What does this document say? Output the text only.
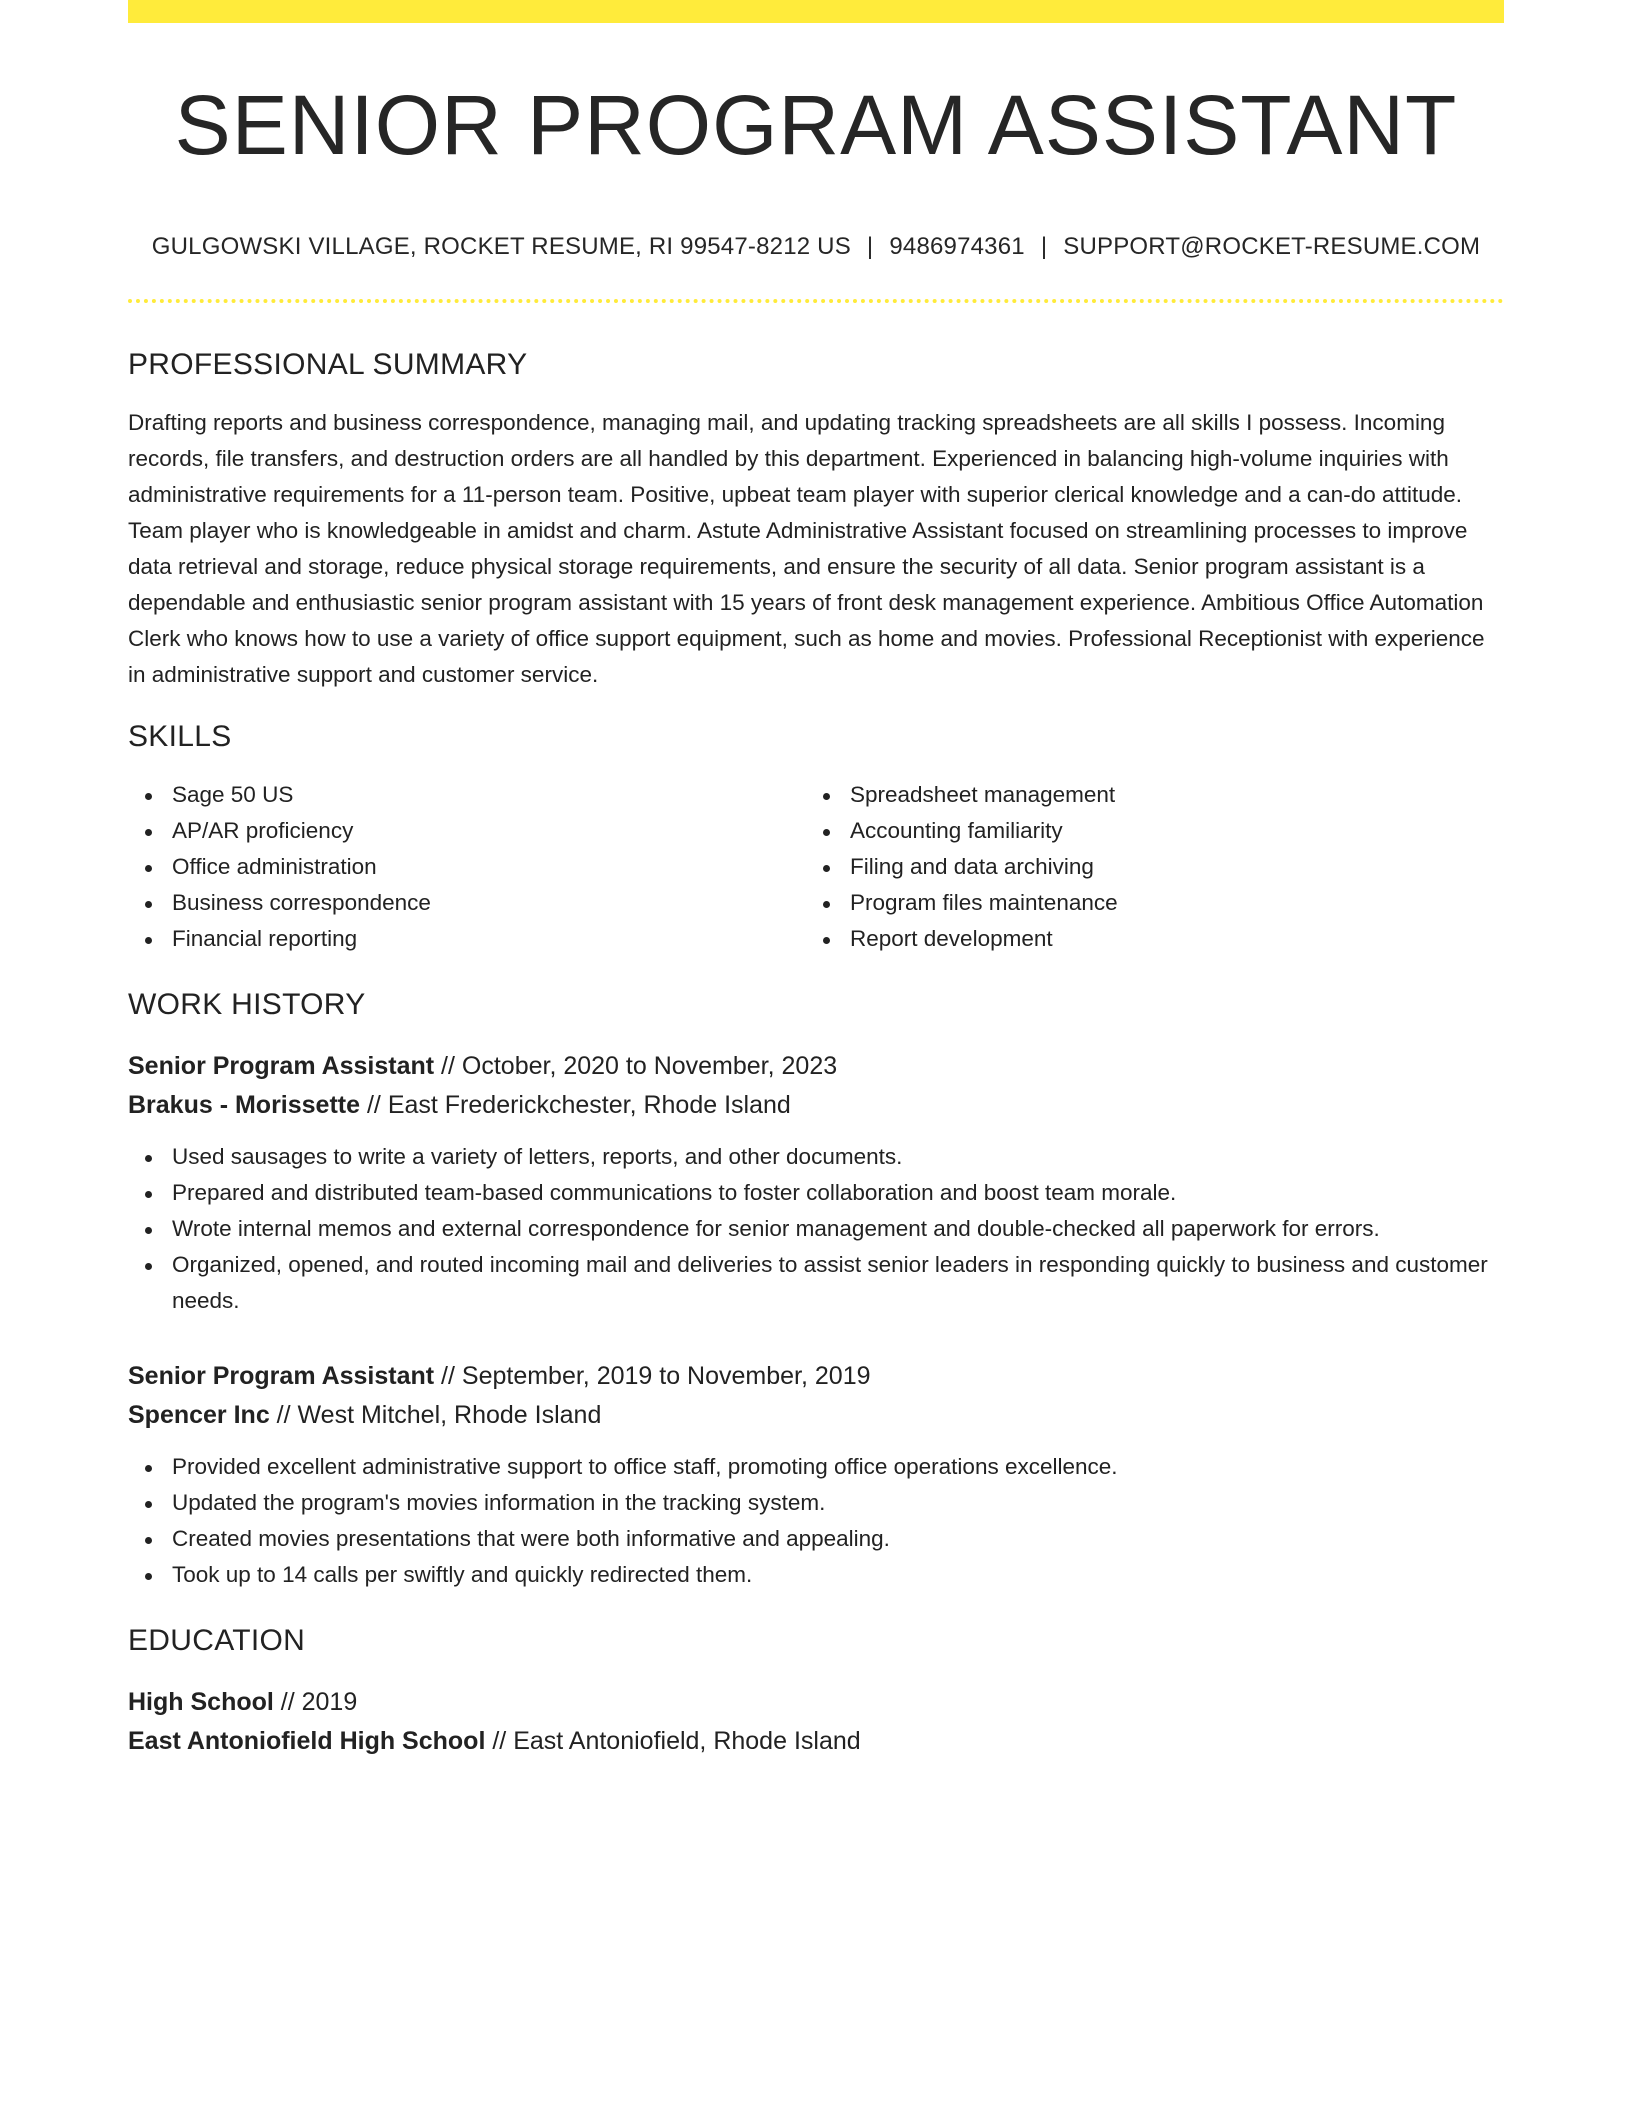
SENIOR PROGRAM ASSISTANT
GULGOWSKI VILLAGE, ROCKET RESUME, RI 99547-8212 US | 9486974361 | SUPPORT@ROCKET-RESUME.COM
PROFESSIONAL SUMMARY

Drafting reports and business correspondence, managing mail, and updating tracking spreadsheets are all skills I possess. Incoming records, file transfers, and destruction orders are all handled by this department. Experienced in balancing high-volume inquiries with administrative requirements for a 11-person team. Positive, upbeat team player with superior clerical knowledge and a can-do attitude. Team player who is knowledgeable in amidst and charm. Astute Administrative Assistant focused on streamlining processes to improve data retrieval and storage, reduce physical storage requirements, and ensure the security of all data. Senior program assistant is a dependable and enthusiastic senior program assistant with 15 years of front desk management experience. Ambitious Office Automation Clerk who knows how to use a variety of office support equipment, such as home and movies. Professional Receptionist with experience in administrative support and customer service.

SKILLS
Sage 50 US
AP/AR proficiency
Office administration
Business correspondence
Financial reporting
Spreadsheet management
Accounting familiarity
Filing and data archiving
Program files maintenance
Report development
WORK HISTORY
Senior Program Assistant // October, 2020 to November, 2023
Brakus - Morissette // East Frederickchester, Rhode Island
Used sausages to write a variety of letters, reports, and other documents.
Prepared and distributed team-based communications to foster collaboration and boost team morale.
Wrote internal memos and external correspondence for senior management and double-checked all paperwork for errors.
Organized, opened, and routed incoming mail and deliveries to assist senior leaders in responding quickly to business and customer needs.
Senior Program Assistant // September, 2019 to November, 2019
Spencer Inc // West Mitchel, Rhode Island
Provided excellent administrative support to office staff, promoting office operations excellence.
Updated the program's movies information in the tracking system.
Created movies presentations that were both informative and appealing.
Took up to 14 calls per swiftly and quickly redirected them.
EDUCATION
High School // 2019
East Antoniofield High School // East Antoniofield, Rhode Island
